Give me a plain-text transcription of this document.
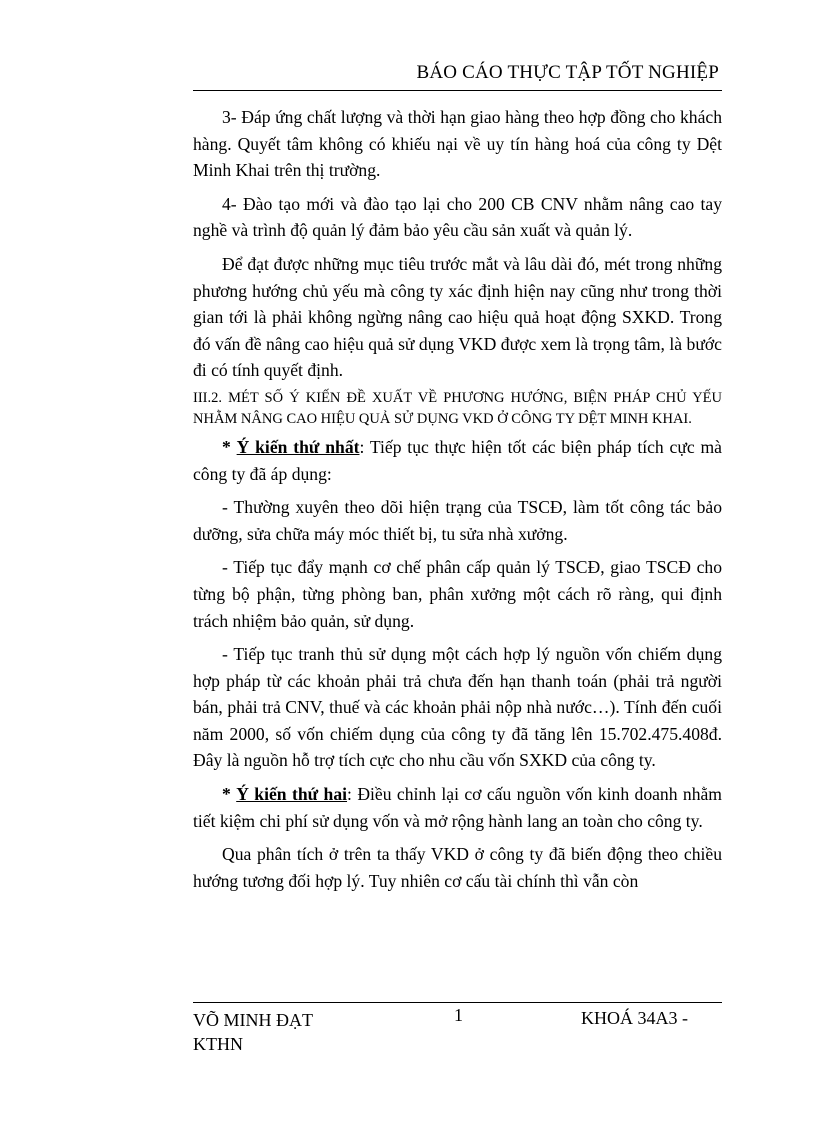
BÁO CÁO THỰC TẬP TỐT NGHIỆP

3- Đáp ứng chất lượng và thời hạn giao hàng theo hợp đồng cho khách hàng. Quyết tâm không có khiếu nại về uy tín hàng hoá của công ty Dệt Minh Khai trên thị trường.

4- Đào tạo mới và đào tạo lại cho 200 CB CNV nhằm nâng cao tay nghề và trình độ quản lý đảm bảo yêu cầu sản xuất và quản lý.

Để đạt được những mục tiêu trước mắt và lâu dài đó, mét trong những phương hướng chủ yếu mà công ty xác định hiện nay cũng như trong thời gian tới là phải không ngừng nâng cao hiệu quả hoạt động SXKD. Trong đó vấn đề nâng cao hiệu quả sử dụng VKD được xem là trọng tâm, là bước đi có tính quyết định.

III.2. MÉT SỐ Ý KIẾN ĐỀ XUẤT VỀ PHƯƠNG HƯỚNG, BIỆN PHÁP CHỦ YẾU NHẰM NÂNG CAO HIỆU QUẢ SỬ DỤNG VKD Ở CÔNG TY DỆT MINH KHAI.

* Ý kiến thứ nhất: Tiếp tục thực hiện tốt các biện pháp tích cực mà công ty đã áp dụng:

- Thường xuyên theo dõi hiện trạng của TSCĐ, làm tốt công tác bảo dưỡng, sửa chữa máy móc thiết bị, tu sửa nhà xưởng.

- Tiếp tục đẩy mạnh cơ chế phân cấp quản lý TSCĐ, giao TSCĐ cho từng bộ phận, từng phòng ban, phân xưởng một cách rõ ràng, qui định trách nhiệm bảo quản, sử dụng.

- Tiếp tục tranh thủ sử dụng một cách hợp lý nguồn vốn chiếm dụng hợp pháp từ các khoản phải trả chưa đến hạn thanh toán (phải trả người bán, phải trả CNV, thuế và các khoản phải nộp nhà nước…). Tính đến cuối năm 2000, số vốn chiếm dụng của công ty đã tăng lên 15.702.475.408đ. Đây là nguồn hỗ trợ tích cực cho nhu cầu vốn SXKD của công ty.

* Ý kiến thứ hai: Điều chỉnh lại cơ cấu nguồn vốn kinh doanh nhằm tiết kiệm chi phí sử dụng vốn và mở rộng hành lang an toàn cho công ty.

Qua phân tích ở trên ta thấy VKD ở công ty đã biến động theo chiều hướng tương đối hợp lý. Tuy nhiên cơ cấu tài chính thì vẫn còn

VÕ MINH ĐẠT KTHN
1	KHOÁ 34A3 -
